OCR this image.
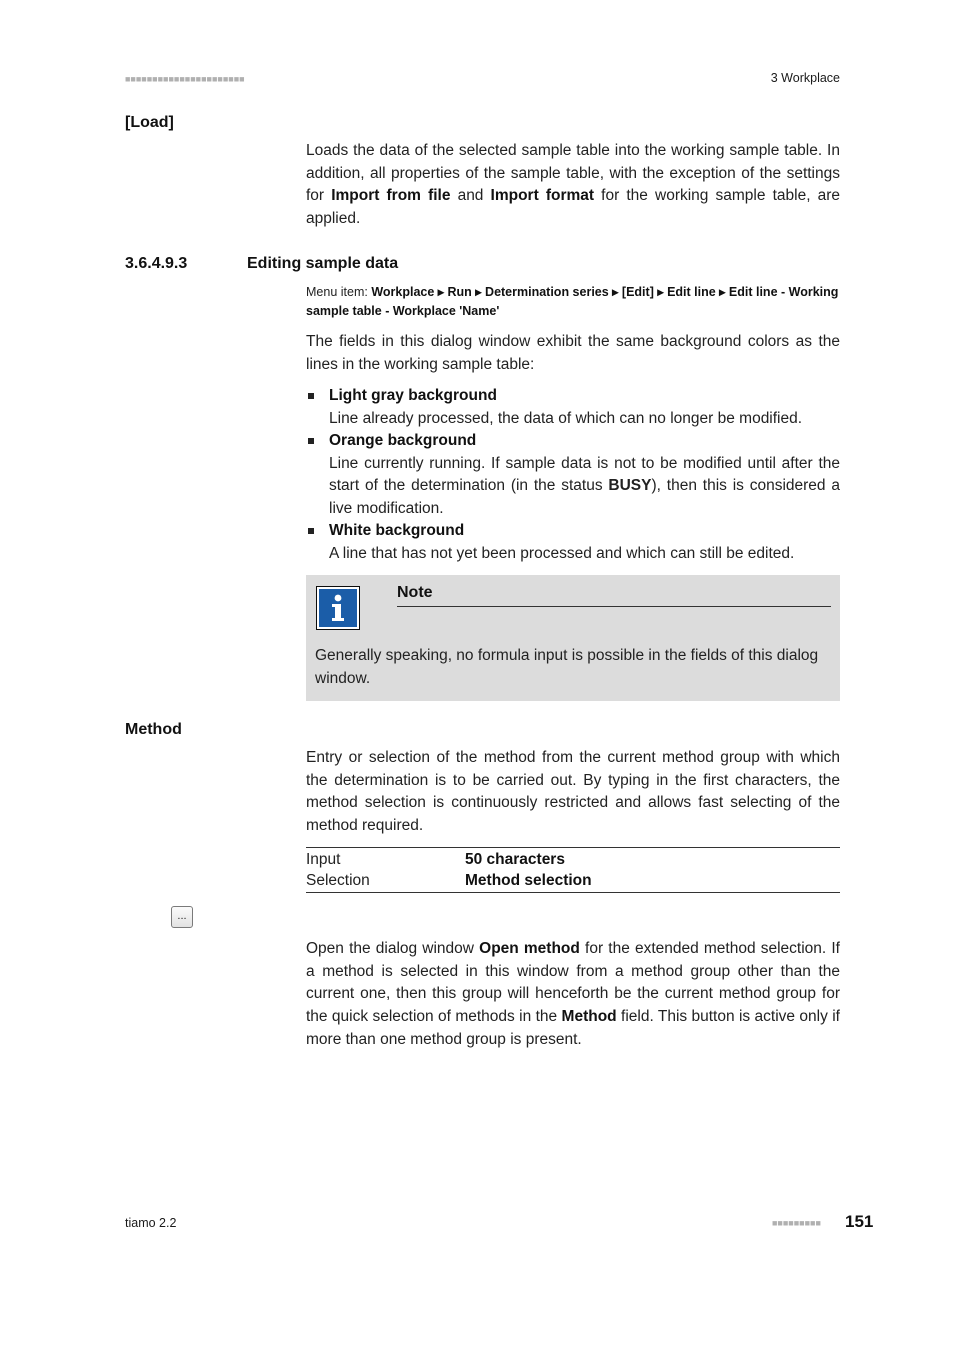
■■■■■■■■■■■■■■■■■■■■■■	3 Workplace
[Load]
Loads the data of the selected sample table into the working sample table. In addition, all properties of the sample table, with the exception of the settings for Import from file and Import format for the working sample table, are applied.
3.6.4.9.3	Editing sample data
Menu item: Workplace ▸ Run ▸ Determination series ▸ [Edit] ▸ Edit line ▸ Edit line - Working sample table - Workplace 'Name'
The fields in this dialog window exhibit the same background colors as the lines in the working sample table:
Light gray background
Line already processed, the data of which can no longer be modified.
Orange background
Line currently running. If sample data is not to be modified until after the start of the determination (in the status BUSY), then this is considered a live modification.
White background
A line that has not yet been processed and which can still be edited.
Note
Generally speaking, no formula input is possible in the fields of this dialog window.
Method
Entry or selection of the method from the current method group with which the determination is to be carried out. By typing in the first characters, the method selection is continuously restricted and allows fast selecting of the method required.
Input	50 characters
Selection	Method selection
...
Open the dialog window Open method for the extended method selection. If a method is selected in this window from a method group other than the current one, then this group will henceforth be the current method group for the quick selection of methods in the Method field. This button is active only if more than one method group is present.
tiamo 2.2	■■■■■■■■■ 151
